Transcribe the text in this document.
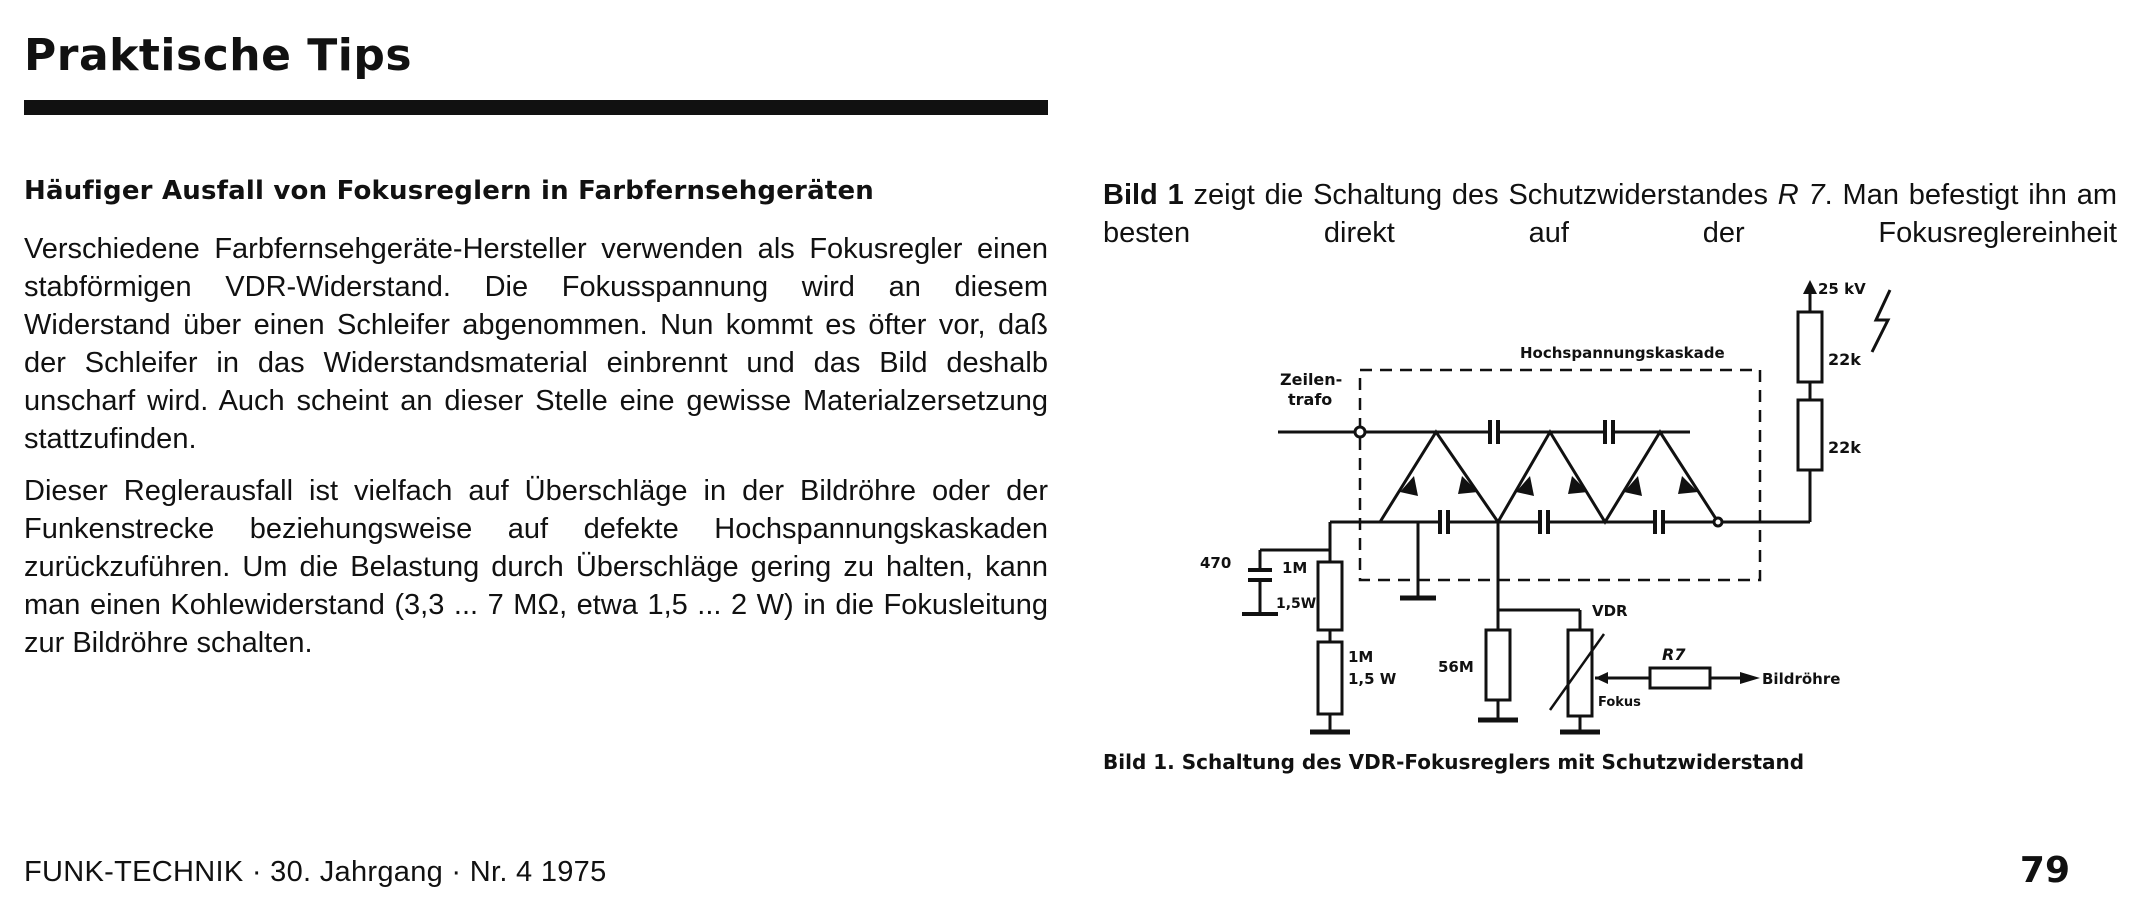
Praktische Tips
Häufiger Ausfall von Fokusreglern in Farbfernsehgeräten

Verschiedene Farbfernsehgeräte-Hersteller verwenden als Fokusregler einen stabförmigen VDR-Widerstand. Die Fokusspannung wird an diesem Widerstand über einen Schleifer abgenommen. Nun kommt es öfter vor, daß der Schleifer in das Widerstandsmaterial einbrennt und das Bild deshalb unscharf wird. Auch scheint an dieser Stelle eine gewisse Materialzersetzung stattzufinden.

Dieser Reglerausfall ist vielfach auf Überschläge in der Bildröhre oder der Funkenstrecke beziehungsweise auf defekte Hochspannungskaskaden zurückzuführen. Um die Belastung durch Überschläge gering zu halten, kann man einen Kohlewiderstand (3,3 ... 7 MΩ, etwa 1,5 ... 2 W) in die Fokusleitung zur Bildröhre schalten.

Bild 1 zeigt die Schaltung des Schutzwiderstandes R 7. Man befestigt ihn am besten direkt auf der Fokusreglereinheit

Hochspannungskaskade
Zeilen-
trafo
25 kV
22k
22k
470	1M
1,5W
1M
1,5 W
56M
VDR
Fokus
R7
Bildröhre

Bild 1. Schaltung des VDR-Fokusreglers mit Schutzwiderstand

FUNK-TECHNIK · 30. Jahrgang · Nr. 4 1975	79
